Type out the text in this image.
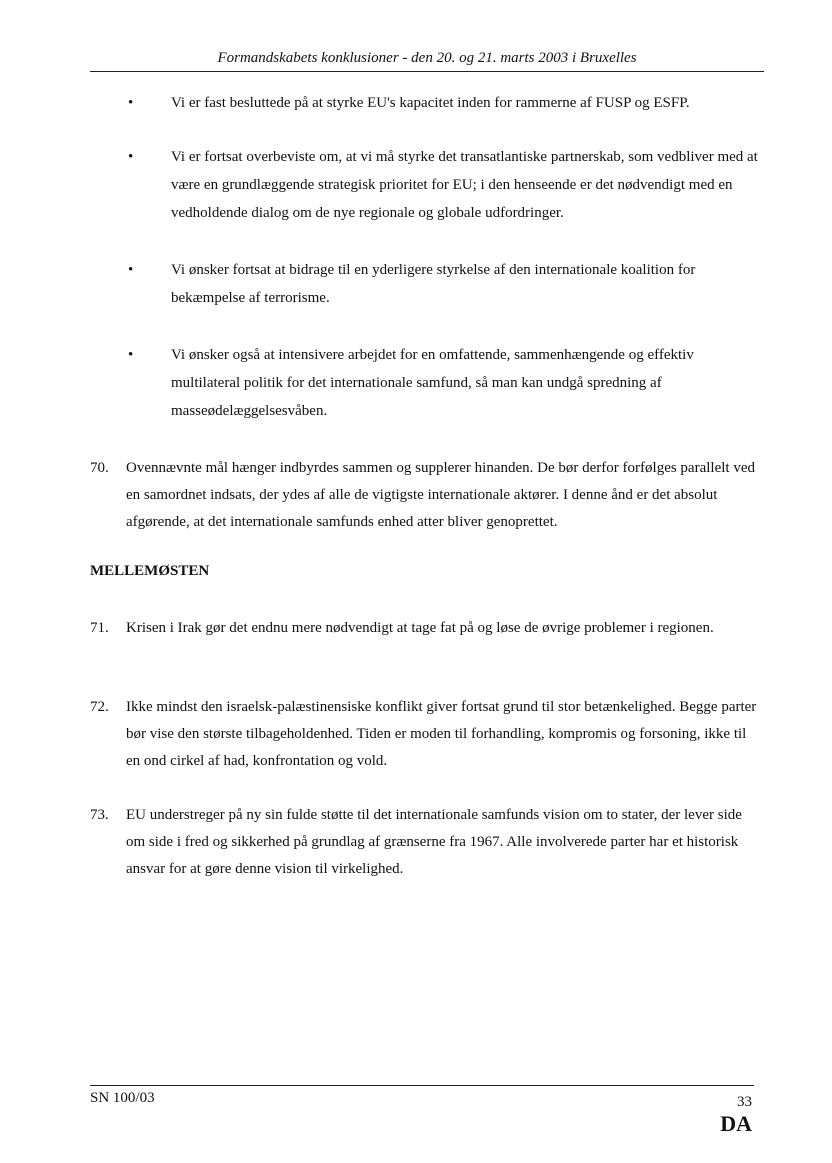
Formandskabets konklusioner - den 20. og 21. marts 2003 i Bruxelles
•	Vi er fast besluttede på at styrke EU's kapacitet inden for rammerne af FUSP og ESFP.
•	Vi er fortsat overbeviste om, at vi må styrke det transatlantiske partnerskab, som vedbliver med at være en grundlæggende strategisk prioritet for EU; i den henseende er det nødvendigt med en vedholdende dialog om de nye regionale og globale udfordringer.
•	Vi ønsker fortsat at bidrage til en yderligere styrkelse af den internationale koalition for bekæmpelse af terrorisme.
•	Vi ønsker også at intensivere arbejdet for en omfattende, sammenhængende og effektiv multilateral politik for det internationale samfund, så man kan undgå spredning af masseødelæggelsesvåben.
70. Ovennævnte mål hænger indbyrdes sammen og supplerer hinanden. De bør derfor forfølges parallelt ved en samordnet indsats, der ydes af alle de vigtigste internationale aktører. I denne ånd er det absolut afgørende, at det internationale samfunds enhed atter bliver genoprettet.
MELLEMØSTEN
71. Krisen i Irak gør det endnu mere nødvendigt at tage fat på og løse de øvrige problemer i regionen.
72. Ikke mindst den israelsk-palæstinensiske konflikt giver fortsat grund til stor betænkelighed. Begge parter bør vise den største tilbageholdenhed. Tiden er moden til forhandling, kompromis og forsoning, ikke til en ond cirkel af had, konfrontation og vold.
73. EU understreger på ny sin fulde støtte til det internationale samfunds vision om to stater, der lever side om side i fred og sikkerhed på grundlag af grænserne fra 1967. Alle involverede parter har et historisk ansvar for at gøre denne vision til virkelighed.
SN 100/03	33
DA
